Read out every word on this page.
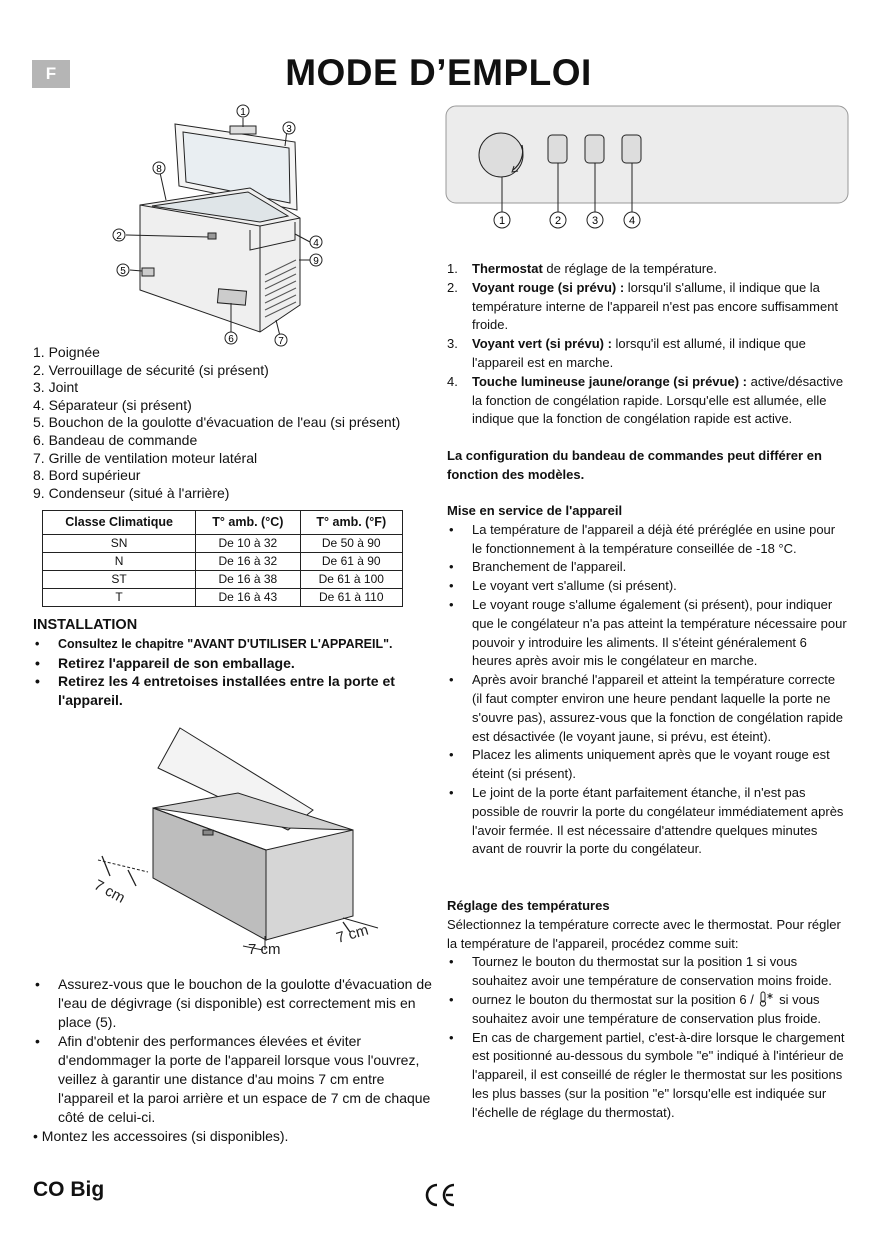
F	MODE D’EMPLOI
1
2
3
4
5
6	7
8
9
1	2	3	4
1. Poignée
2. Verrouillage de sécurité (si présent)
3. Joint
4. Séparateur (si présent)
5. Bouchon de la goulotte d'évacuation de l'eau (si présent)
6. Bandeau de commande
7. Grille de ventilation moteur latéral
8. Bord supérieur
9. Condenseur (situé à l'arrière)
Classe Climatique	T° amb. (°C)	T° amb. (°F)
SN	De 10 à 32	De 50 à 90
N	De 16 à 32	De 61 à 90
ST	De 16 à 38	De 61 à 100
T	De 16 à 43	De 61 à 110
INSTALLATION
• Consultez le chapitre "AVANT D'UTILISER L'APPAREIL".
• Retirez l'appareil de son emballage.
• Retirez les 4 entretoises installées entre la porte et l'appareil.
7 cm
7 cm
7 cm
• Assurez-vous que le bouchon de la goulotte d'évacuation de l'eau de dégivrage (si disponible) est correctement mis en place (5).
• Afin d'obtenir des performances élevées et éviter d'endommager la porte de l'appareil lorsque vous l'ouvrez, veillez à garantir une distance d'au moins 7 cm entre l'appareil et la paroi arrière et un espace de 7 cm de chaque côté de celui-ci.
• Montez les accessoires (si disponibles).
1. Thermostat de réglage de la température.
2. Voyant rouge (si prévu) : lorsqu'il s'allume, il indique que la température interne de l'appareil n'est pas encore suffisamment froide.
3. Voyant vert (si prévu) : lorsqu'il est allumé, il indique que l'appareil est en marche.
4. Touche lumineuse jaune/orange (si prévue) : active/désactive la fonction de congélation rapide. Lorsqu'elle est allumée, elle indique que la fonction de congélation rapide est active.
La configuration du bandeau de commandes peut différer en fonction des modèles.
Mise en service de l'appareil
• La température de l'appareil a déjà été préréglée en usine pour le fonctionnement à la température conseillée de -18 °C.
• Branchement de l'appareil.
• Le voyant vert s'allume (si présent).
• Le voyant rouge s'allume également (si présent), pour indiquer que le congélateur n'a pas atteint la température nécessaire pour pouvoir y introduire les aliments. Il s'éteint généralement 6 heures après avoir mis le congélateur en marche.
• Après avoir branché l'appareil et atteint la température correcte (il faut compter environ une heure pendant laquelle la porte ne s'ouvre pas), assurez-vous que la fonction de congélation rapide est désactivée (le voyant jaune, si prévu, est éteint).
• Placez les aliments uniquement après que le voyant rouge est éteint (si présent).
• Le joint de la porte étant parfaitement étanche, il n'est pas possible de rouvrir la porte du congélateur immédiatement après l'avoir fermée. Il est nécessaire d'attendre quelques minutes avant de rouvrir la porte du congélateur.
Réglage des températures

Sélectionnez la température correcte avec le thermostat. Pour régler la température de l'appareil, procédez comme suit:

• Tournez le bouton du thermostat sur la position 1 si vous souhaitez avoir une température de conservation moins froide.
• ournez le bouton du thermostat sur la position 6 / si vous souhaitez avoir une température de conservation plus froide.
• En cas de chargement partiel, c'est-à-dire lorsque le chargement est positionné au-dessous du symbole "e" indiqué à l'intérieur de l'appareil, il est conseillé de régler le thermostat sur les positions les plus basses (sur la position "e" lorsqu'elle est indiquée sur l'échelle de réglage du thermostat).
CO Big
